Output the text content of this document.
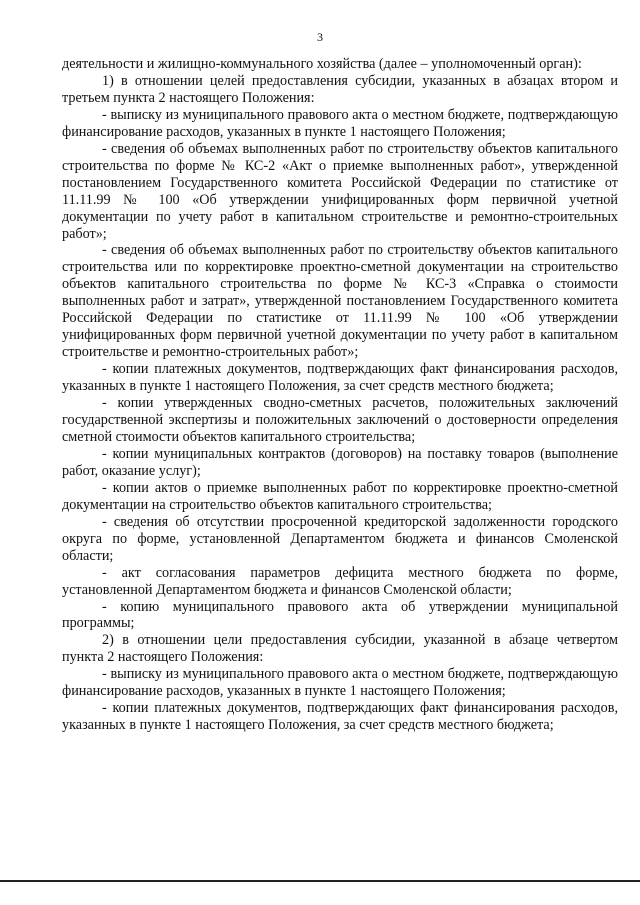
3

деятельности и жилищно-коммунального хозяйства (далее – уполномоченный орган):

1) в отношении целей предоставления субсидии, указанных в абзацах втором и третьем пункта 2 настоящего Положения:

- выписку из муниципального правового акта о местном бюджете, подтверждающую финансирование расходов, указанных в пункте 1 настоящего Положения;

- сведения об объемах выполненных работ по строительству объектов капитального строительства по форме № КС-2 «Акт о приемке выполненных работ», утвержденной постановлением Государственного комитета Российской Федерации по статистике от 11.11.99 № 100 «Об утверждении унифицированных форм первичной учетной документации по учету работ в капитальном строительстве и ремонтно-строительных работ»;

- сведения об объемах выполненных работ по строительству объектов капитального строительства или по корректировке проектно-сметной документации на строительство объектов капитального строительства по форме № КС-3 «Справка о стоимости выполненных работ и затрат», утвержденной постановлением Государственного комитета Российской Федерации по статистике от 11.11.99 № 100 «Об утверждении унифицированных форм первичной учетной документации по учету работ в капитальном строительстве и ремонтно-строительных работ»;

- копии платежных документов, подтверждающих факт финансирования расходов, указанных в пункте 1 настоящего Положения, за счет средств местного бюджета;

- копии утвержденных сводно-сметных расчетов, положительных заключений государственной экспертизы и положительных заключений о достоверности определения сметной стоимости объектов капитального строительства;

- копии муниципальных контрактов (договоров) на поставку товаров (выполнение работ, оказание услуг);

- копии актов о приемке выполненных работ по корректировке проектно-сметной документации на строительство объектов капитального строительства;

- сведения об отсутствии просроченной кредиторской задолженности городского округа по форме, установленной Департаментом бюджета и финансов Смоленской области;

- акт согласования параметров дефицита местного бюджета по форме, установленной Департаментом бюджета и финансов Смоленской области;

- копию муниципального правового акта об утверждении муниципальной программы;

2) в отношении цели предоставления субсидии, указанной в абзаце четвертом пункта 2 настоящего Положения:

- выписку из муниципального правового акта о местном бюджете, подтверждающую финансирование расходов, указанных в пункте 1 настоящего Положения;

- копии платежных документов, подтверждающих факт финансирования расходов, указанных в пункте 1 настоящего Положения, за счет средств местного бюджета;
